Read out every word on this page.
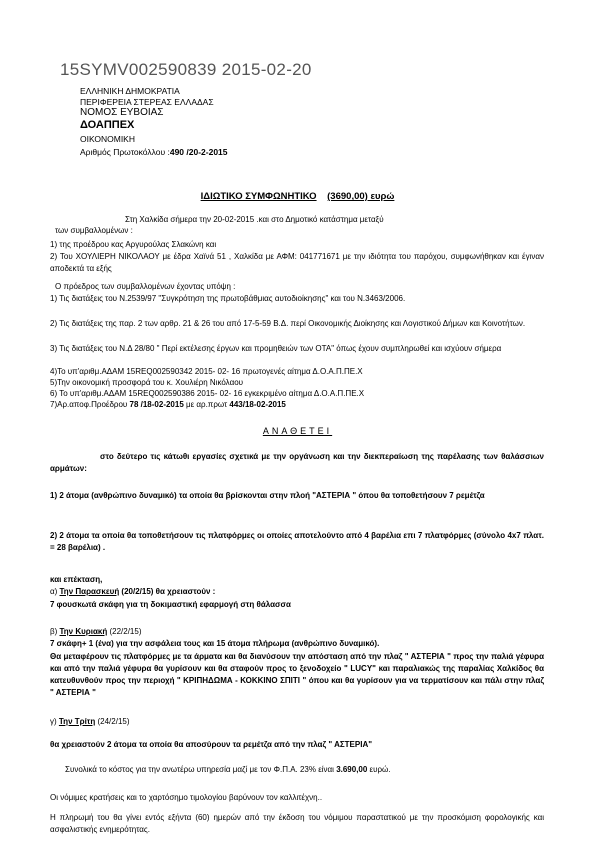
15SYMV002590839 2015-02-20
ΕΛΛΗΝΙΚΗ ΔΗΜΟΚΡΑΤΙΑ
ΠΕΡΙΦΕΡΕΙΑ ΣΤΕΡΕΑΣ ΕΛΛΑΔΑΣ
ΝΟΜΟΣ ΕΥΒΟΙΑΣ
ΔΟΑΠΠΕΧ
ΟΙΚΟΝΟΜΙΚΗ
Αριθμός Πρωτοκόλλου :490 /20-2-2015
ΙΔΙΩΤΙΚΟ ΣΥΜΦΩΝΗΤΙΚΟ (3690,00) ευρώ
Στη Χαλκίδα σήμερα την 20-02-2015 .και στο Δημοτικό κατάστημα μεταξύ
των συμβαλλομένων :
1) της προέδρου κας Αργυρούλας Σλακώνη και
2) Του ΧΟΥΛΙΕΡΗ ΝΙΚΟΛΑΟΥ με έδρα Χαϊνά 51 , Χαλκίδα με ΑΦΜ: 041771671 με την ιδιότητα του παρόχου, συμφωνήθηκαν και έγιναν αποδεκτά τα εξής
Ο πρόεδρος των συμβαλλομένων έχοντας υπόψη :
1) Τις διατάξεις του Ν.2539/97 "Συγκρότηση της πρωτοβάθμιας αυτοδιοίκησης" και του Ν.3463/2006.
2) Τις διατάξεις της παρ. 2 των αρθρ. 21 & 26 του από 17-5-59 Β.Δ. περί Οικονομικής Διοίκησης και Λογιστικού Δήμων και Κοινοτήτων.
3) Τις διατάξεις του Ν.Δ 28/80 " Περί εκτέλεσης έργων και προμηθειών των ΟΤΑ" όπως έχουν συμπληρωθεί και ισχύουν σήμερα
4)Το υπ'αριθμ.ΑΔΑΜ 15REQ002590342 2015- 02- 16 πρωτογενές αίτημα Δ.Ο.Α.Π.ΠΕ.Χ
5)Την οικονομική προσφορά του κ. Χουλιέρη Νικόλαου
6) Το υπ'αριθμ.ΑΔΑΜ 15REQ002590386 2015- 02- 16 εγκεκριμένο αίτημα Δ.Ο.Α.Π.ΠΕ.Χ
7)Αρ.αποφ.Προέδρου 78 /18-02-2015 με αρ.πρωτ 443/18-02-2015
ΑΝΑΘΕΤΕΙ
στο δεύτερο τις κάτωθι εργασίες σχετικά με την οργάνωση και την διεκπεραίωση της παρέλασης των θαλάσσιων αρμάτων:
1) 2 άτομα (ανθρώπινο δυναμικό) τα οποία θα βρίσκονται στην πλοή "ΑΣΤΕΡΙΑ " όπου θα τοποθετήσουν 7 ρεμέτζα
2) 2 άτομα τα οποία θα τοποθετήσουν τις πλατφόρμες οι οποίες αποτελούντο από 4 βαρέλια επι 7 πλατφόρμες (σύνολο 4x7 πλατ. = 28 βαρέλια) .
και επέκταση,
α) Την Παρασκευή (20/2/15) θα χρειαστούν :
7 φουσκωτά σκάφη για τη δοκιμαστική εφαρμογή στη θάλασσα
β) Την Κυριακή (22/2/15)
7 σκάφη+ 1 (ένα) για την ασφάλεια τους και 15 άτομα πλήρωμα (ανθρώπινο δυναμικό).
Θα μεταφέρουν τις πλατφόρμες με τα άρματα και θα διανύσουν την απόσταση από την πλαζ " ΑΣΤΕΡΙΑ " προς την παλιά γέφυρα και από την παλιά γέφυρα θα γυρίσουν και θα σταφούν προς το ξενοδοχείο " LUCY" και παραλιακώς της παραλίας Χαλκίδος θα κατευθυνθούν προς την περιοχή " ΚΡΙΠΗΔΩΜΑ - ΚΟΚΚΙΝΟ ΣΠΙΤΙ " όπου και θα γυρίσουν για να τερματίσουν και πάλι στην πλαζ " ΑΣΤΕΡΙΑ "
γ) Την Τρίτη (24/2/15)
θα χρειαστούν 2 άτομα τα οποία θα αποσύρουν τα ρεμέτζα από την πλαζ " ΑΣΤΕΡΙΑ"
Συνολικά το κόστος για την ανωτέρω υπηρεσία μαζί με τον Φ.Π.Α. 23% είναι 3.690,00 ευρώ.
Οι νόμιμες κρατήσεις και το χαρτόσημο τιμολογίου βαρύνουν τον καλλιτέχνη..
Η πληρωμή του θα γίνει εντός εξήντα (60) ημερών από την έκδοση του νόμιμου παραστατικού με την προσκόμιση φορολογικής και ασφαλιστικής ενημερότητας.
